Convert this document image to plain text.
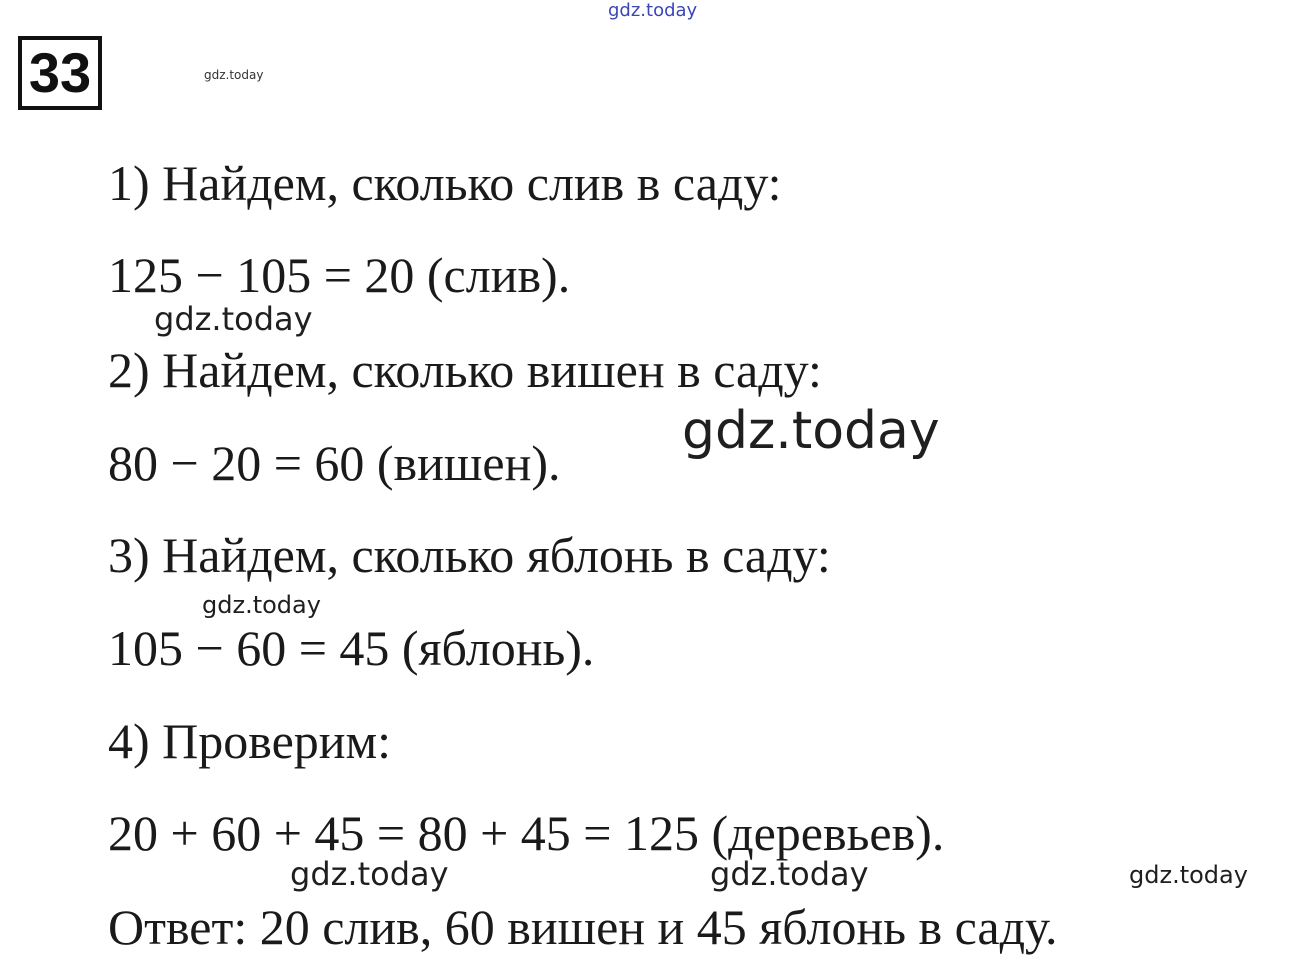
gdz.today
33	gdz.today
1) Найдем, сколько слив в саду:
125 − 105 = 20 (слив).
gdz.today
2) Найдем, сколько вишен в саду:
gdz.today
80 − 20 = 60 (вишен).
3) Найдем, сколько яблонь в саду:
gdz.today
105 − 60 = 45 (яблонь).
4) Проверим:
20 + 60 + 45 = 80 + 45 = 125 (деревьев).
gdz.today	gdz.today	gdz.today
Ответ: 20 слив, 60 вишен и 45 яблонь в саду.
